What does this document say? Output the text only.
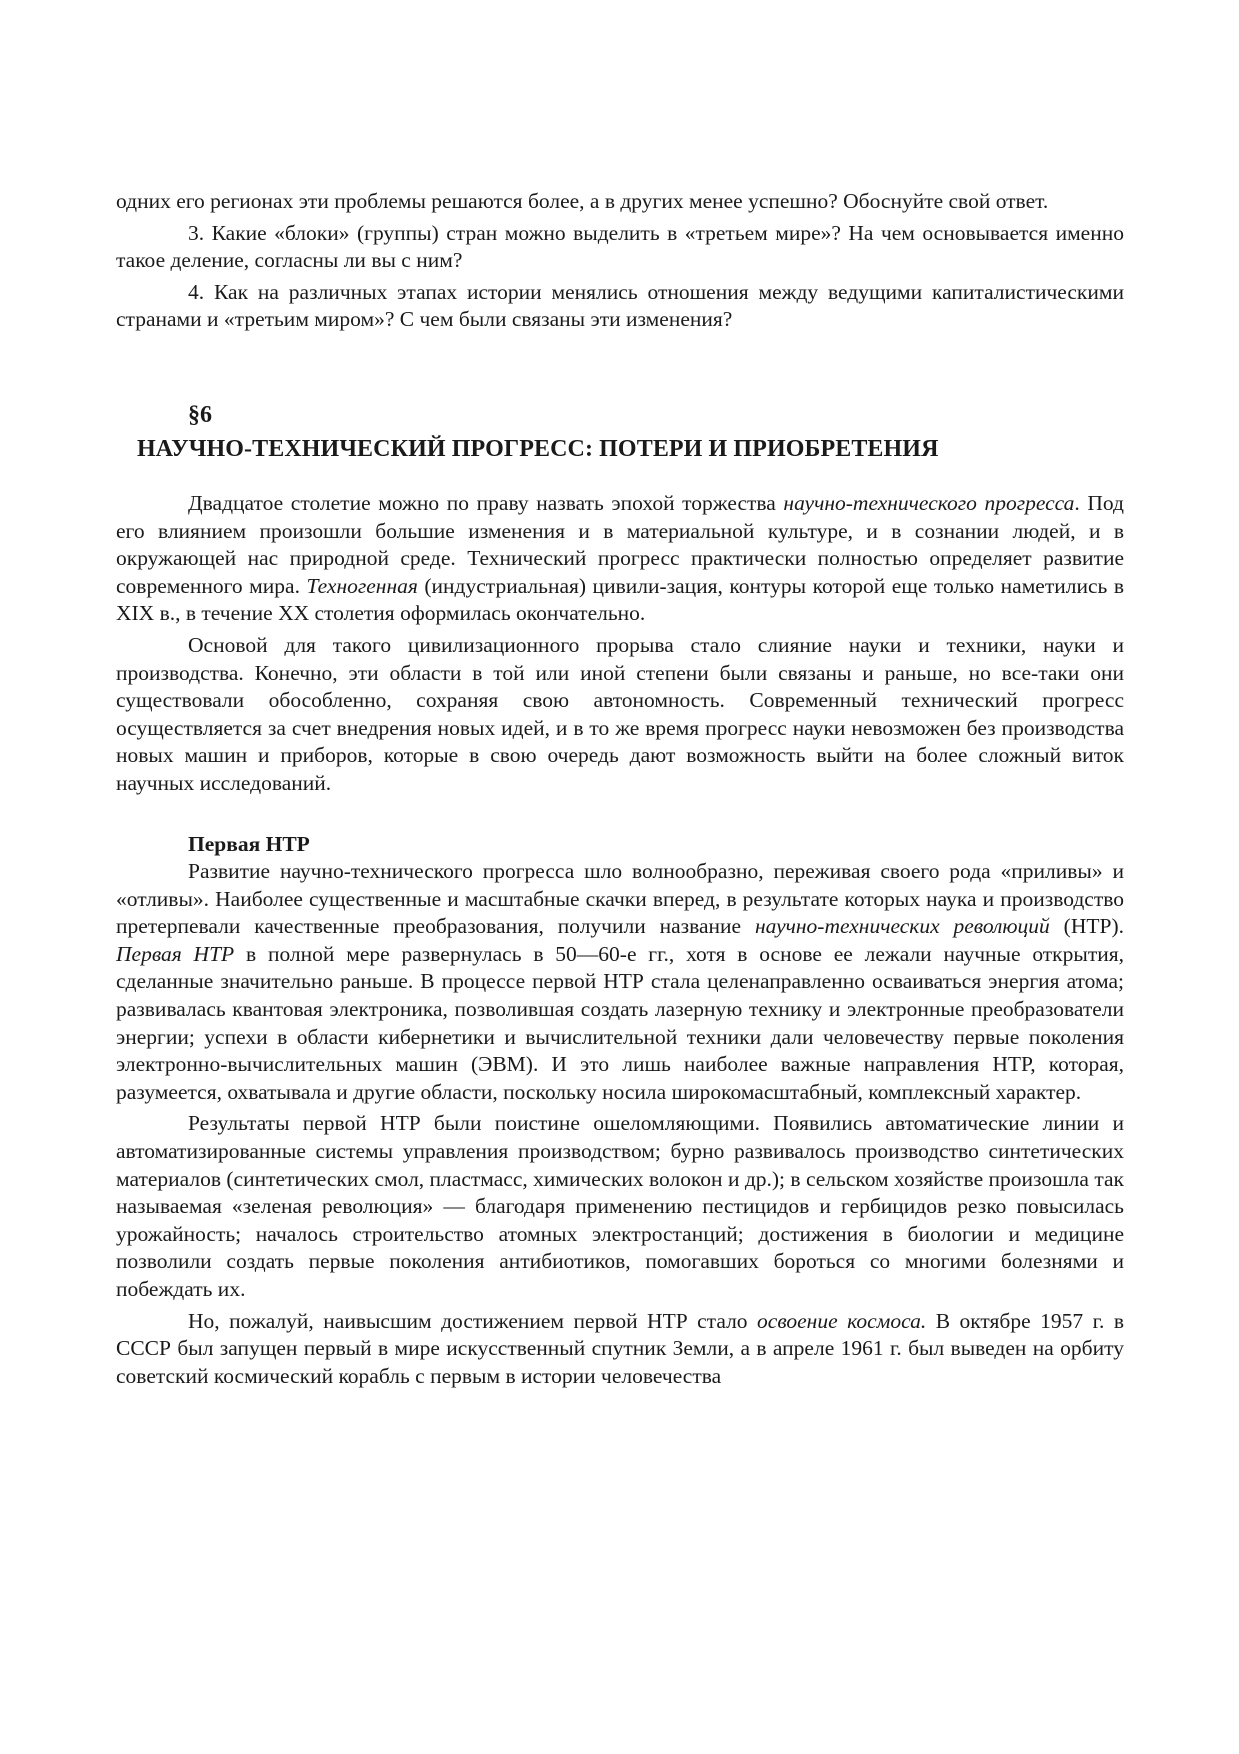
одних его регионах эти проблемы решаются более, а в других менее успешно? Обоснуйте свой ответ.

3. Какие «блоки» (группы) стран можно выделить в «третьем мире»? На чем основывается именно такое деление, согласны ли вы с ним?

4. Как на различных этапах истории менялись отношения между ведущими капиталистическими странами и «третьим миром»? С чем были связаны эти изменения?

§6
НАУЧНО-ТЕХНИЧЕСКИЙ ПРОГРЕСС: ПОТЕРИ И ПРИОБРЕТЕНИЯ

Двадцатое столетие можно по праву назвать эпохой торжества научно-технического прогресса. Под его влиянием произошли большие изменения и в материальной культуре, и в сознании людей, и в окружающей нас природной среде. Технический прогресс практически полностью определяет развитие современного мира. Техногенная (индустриальная) цивили-зация, контуры которой еще только наметились в XIX в., в течение XX столетия оформилась окончательно.

Основой для такого цивилизационного прорыва стало слияние науки и техники, науки и производства. Конечно, эти области в той или иной степени были связаны и раньше, но все-таки они существовали обособленно, сохраняя свою автономность. Современный технический прогресс осуществляется за счет внедрения новых идей, и в то же время прогресс науки невозможен без производства новых машин и приборов, которые в свою очередь дают возможность выйти на более сложный виток научных исследований.

Первая НТР

Развитие научно-технического прогресса шло волнообразно, переживая своего рода «приливы» и «отливы». Наиболее существенные и масштабные скачки вперед, в результате которых наука и производство претерпевали качественные преобразования, получили название научно-технических революций (НТР). Первая НТР в полной мере развернулась в 50—60-е гг., хотя в основе ее лежали научные открытия, сделанные значительно раньше. В процессе первой НТР стала целенаправленно осваиваться энергия атома; развивалась квантовая электроника, позволившая создать лазерную технику и электронные преобразователи энергии; успехи в области кибернетики и вычислительной техники дали человечеству первые поколения электронно-вычислительных машин (ЭВМ). И это лишь наиболее важные направления НТР, которая, разумеется, охватывала и другие области, поскольку носила широкомасштабный, комплексный характер.

Результаты первой НТР были поистине ошеломляющими. Появились автоматические линии и автоматизированные системы управления производством; бурно развивалось производство синтетических материалов (синтетических смол, пластмасс, химических волокон и др.); в сельском хозяйстве произошла так называемая «зеленая революция» — благодаря применению пестицидов и гербицидов резко повысилась урожайность; началось строительство атомных электростанций; достижения в биологии и медицине позволили создать первые поколения антибиотиков, помогавших бороться со многими болезнями и побеждать их.

Но, пожалуй, наивысшим достижением первой НТР стало освоение космоса. В октябре 1957 г. в СССР был запущен первый в мире искусственный спутник Земли, а в апреле 1961 г. был выведен на орбиту советский космический корабль с первым в истории человечества
